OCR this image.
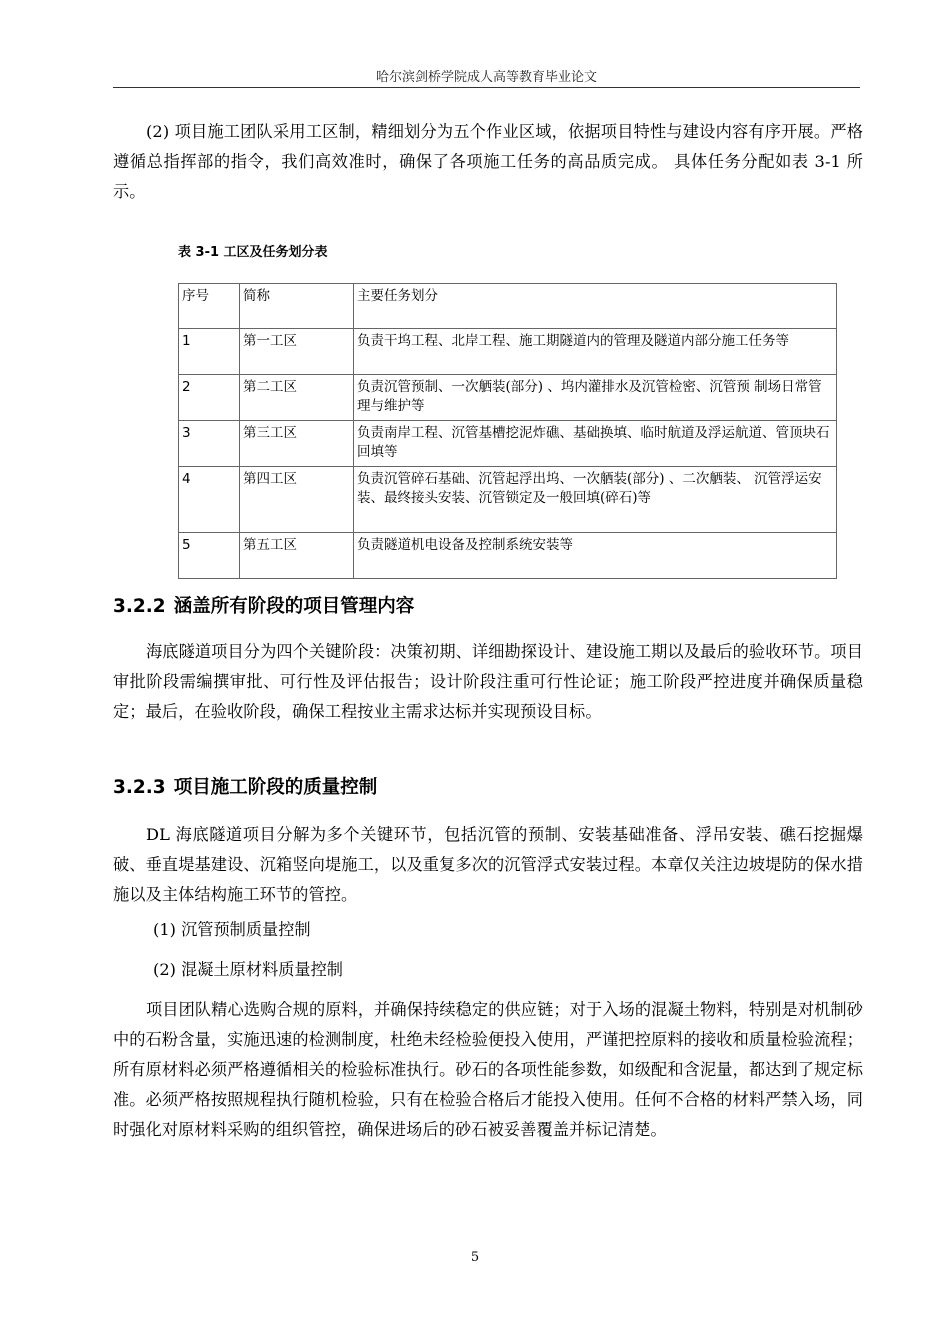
哈尔滨剑桥学院成人高等教育毕业论文

(2) 项目施工团队采用工区制，精细划分为五个作业区域，依据项目特性与建设内容有序开展。严格遵循总指挥部的指令，我们高效准时，确保了各项施工任务的高品质完成。 具体任务分配如表 3-1 所示。

表 3-1 工区及任务划分表
序号	简称	主要任务划分
1	第一工区	负责干坞工程、北岸工程、施工期隧道内的管理及隧道内部分施工任务等
2	第二工区	负责沉管预制、一次舾装(部分) 、坞内灌排水及沉管检密、沉管预 制场日常管理与维护等
3	第三工区	负责南岸工程、沉管基槽挖泥炸礁、基础换填、临时航道及浮运航道、管顶块石回填等
4	第四工区	负责沉管碎石基础、沉管起浮出坞、一次舾装(部分) 、二次舾装、 沉管浮运安装、最终接头安装、沉管锁定及一般回填(碎石)等
5	第五工区	负责隧道机电设备及控制系统安装等
3.2.2 涵盖所有阶段的项目管理内容

海底隧道项目分为四个关键阶段：决策初期、详细勘探设计、建设施工期以及最后的验收环节。项目审批阶段需编撰审批、可行性及评估报告；设计阶段注重可行性论证；施工阶段严控进度并确保质量稳定；最后，在验收阶段，确保工程按业主需求达标并实现预设目标。

3.2.3 项目施工阶段的质量控制

DL 海底隧道项目分解为多个关键环节，包括沉管的预制、安装基础准备、浮吊安装、礁石挖掘爆破、垂直堤基建设、沉箱竖向堤施工，以及重复多次的沉管浮式安装过程。本章仅关注边坡堤防的保水措施以及主体结构施工环节的管控。

(1) 沉管预制质量控制

(2) 混凝土原材料质量控制

项目团队精心选购合规的原料，并确保持续稳定的供应链；对于入场的混凝土物料，特别是对机制砂中的石粉含量，实施迅速的检测制度，杜绝未经检验便投入使用，严谨把控原料的接收和质量检验流程；所有原材料必须严格遵循相关的检验标准执行。砂石的各项性能参数，如级配和含泥量，都达到了规定标准。必须严格按照规程执行随机检验，只有在检验合格后才能投入使用。任何不合格的材料严禁入场，同时强化对原材料采购的组织管控，确保进场后的砂石被妥善覆盖并标记清楚。

5
